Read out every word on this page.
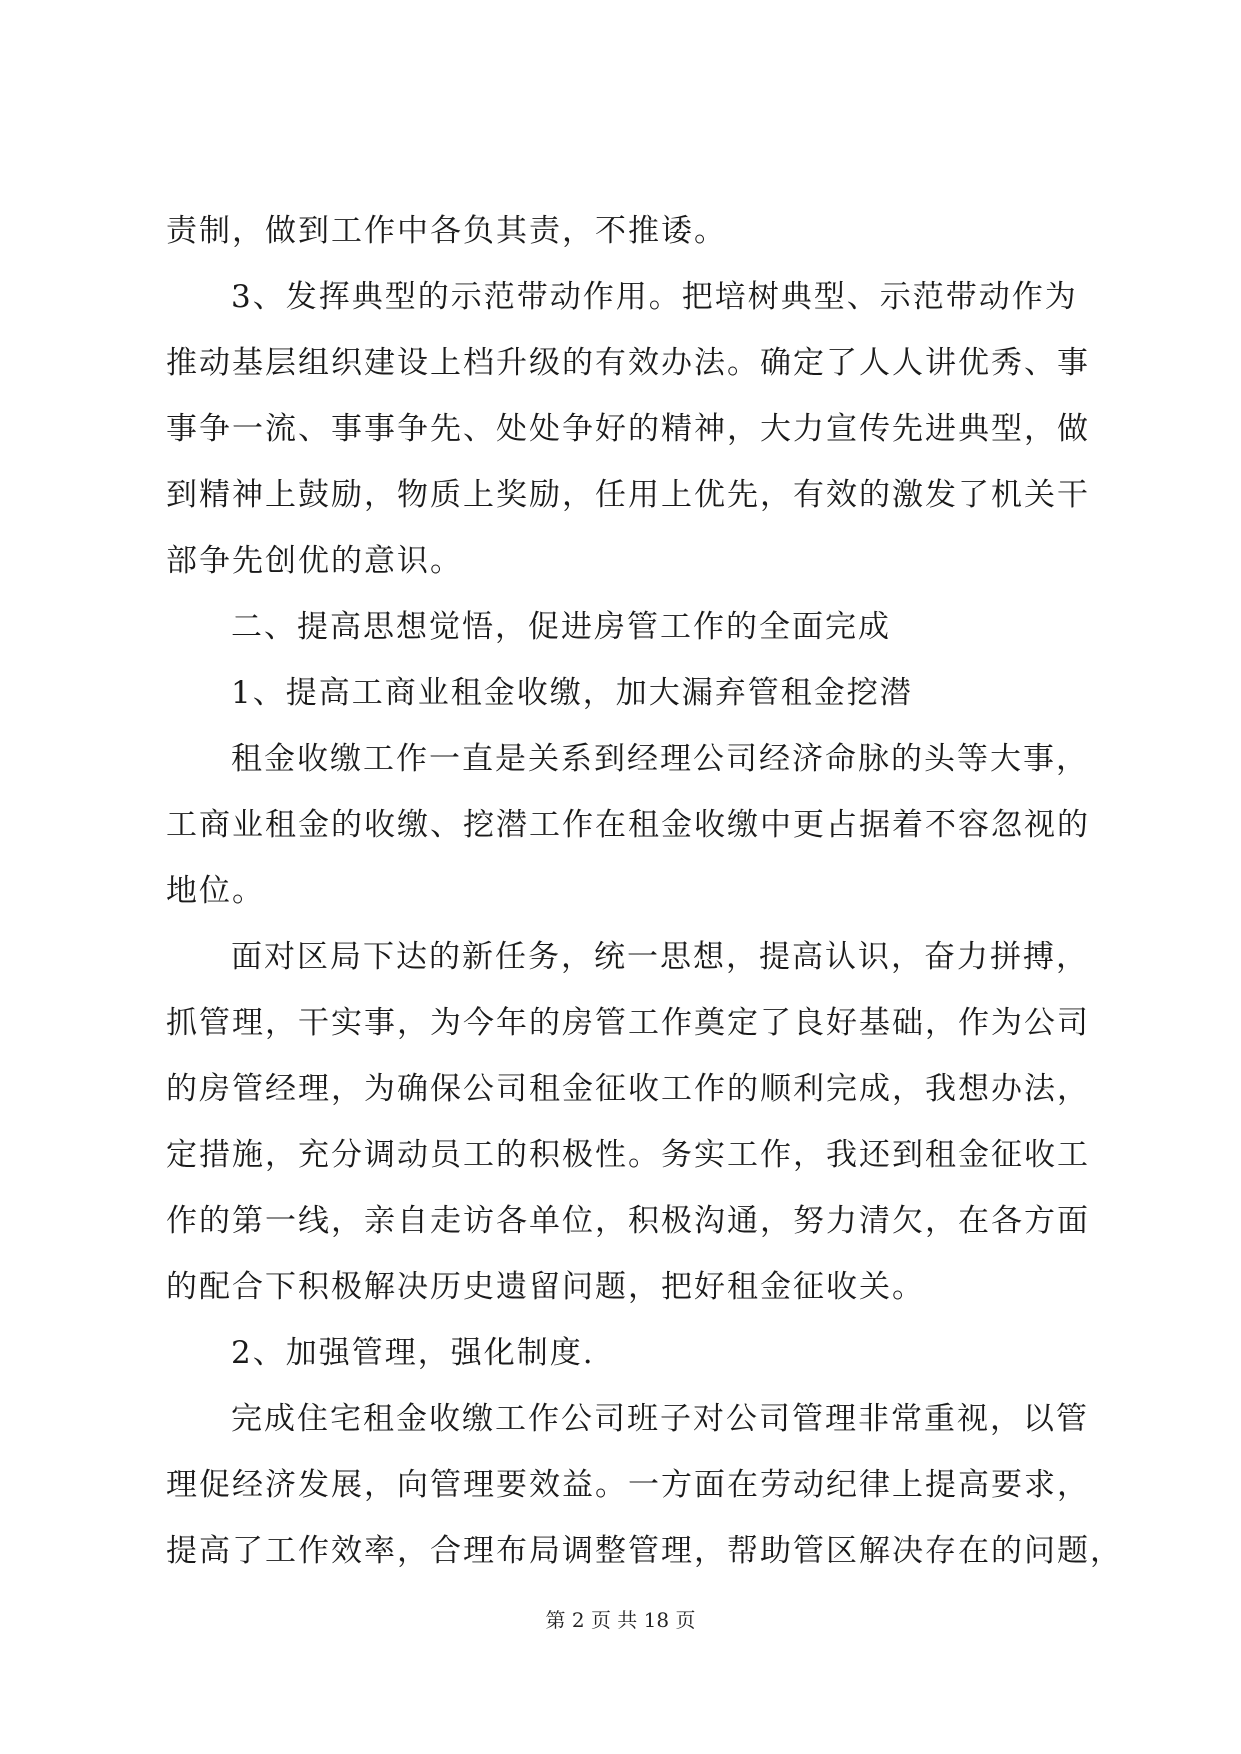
责制，做到工作中各负其责，不推诿。
3、发挥典型的示范带动作用。把培树典型、示范带动作为
推动基层组织建设上档升级的有效办法。确定了人人讲优秀、事
事争一流、事事争先、处处争好的精神，大力宣传先进典型，做
到精神上鼓励，物质上奖励，任用上优先，有效的激发了机关干
部争先创优的意识。
二、提高思想觉悟，促进房管工作的全面完成
1、提高工商业租金收缴，加大漏弃管租金挖潜
租金收缴工作一直是关系到经理公司经济命脉的头等大事，
工商业租金的收缴、挖潜工作在租金收缴中更占据着不容忽视的
地位。
面对区局下达的新任务，统一思想，提高认识，奋力拼搏，
抓管理，干实事，为今年的房管工作奠定了良好基础，作为公司
的房管经理，为确保公司租金征收工作的顺利完成，我想办法，
定措施，充分调动员工的积极性。务实工作，我还到租金征收工
作的第一线，亲自走访各单位，积极沟通，努力清欠，在各方面
的配合下积极解决历史遗留问题，把好租金征收关。
2、加强管理，强化制度.
完成住宅租金收缴工作公司班子对公司管理非常重视，以管
理促经济发展，向管理要效益。一方面在劳动纪律上提高要求，
提高了工作效率，合理布局调整管理，帮助管区解决存在的问题，
第 2 页 共 18 页
